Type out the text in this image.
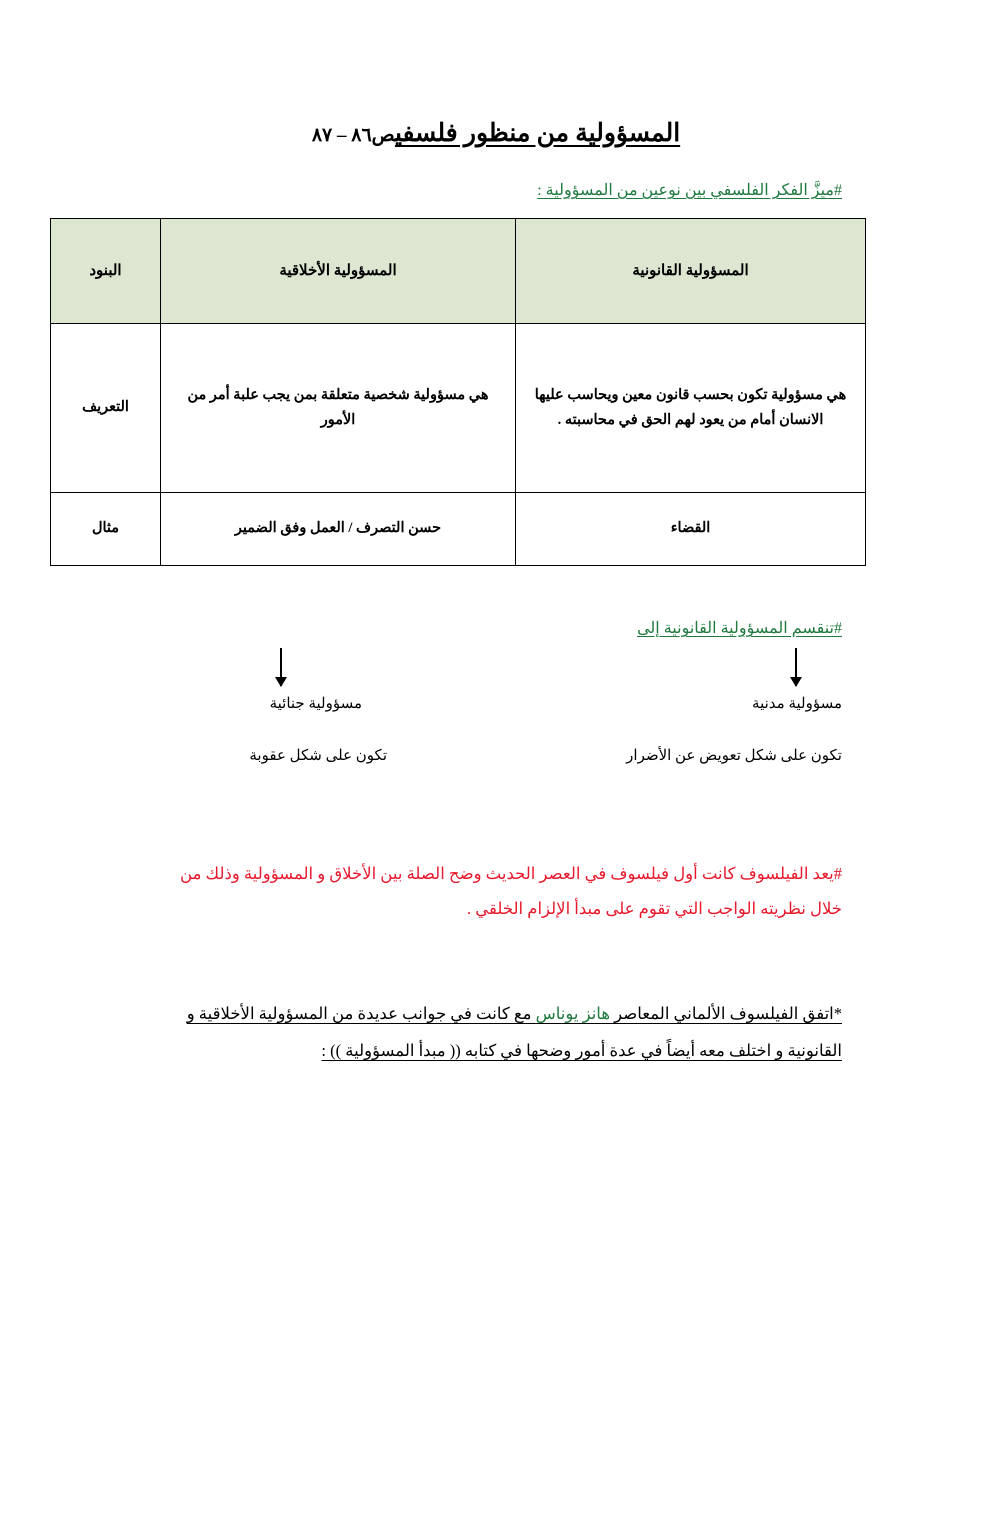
المسؤولية من منظور فلسفيص٨٦ – ٨٧
#ميزَّ الفكر الفلسفي بين نوعين من المسؤولية :
المسؤولية القانونية	المسؤولية الأخلاقية	البنود
هي مسؤولية تكون بحسب قانون معين ويحاسب عليها الانسان أمام من يعود لهم الحق في محاسبته .	هي مسؤولية شخصية متعلقة بمن يجب علبة أمر من الأمور	التعريف
القضاء	حسن التصرف / العمل وفق الضمير	مثال
#تنقسم المسؤولية القانونية إلى
مسؤولية مدنية
مسؤولية جنائية
تكون على شكل تعويض عن الأضرار
تكون على شكل عقوبة
#يعد الفيلسوف كانت أول فيلسوف في العصر الحديث وضح الصلة بين الأخلاق و المسؤولية وذلك من خلال نظريته الواجب التي تقوم على مبدأ الإلزام الخلقي .
*اتفق الفيلسوف الألماني المعاصر هانز يوناس مع كانت في جوانب عديدة من المسؤولية الأخلاقية و القانونية و اختلف معه أيضاً في عدة أمور وضحها في كتابه (( مبدأ المسؤولية )) :
